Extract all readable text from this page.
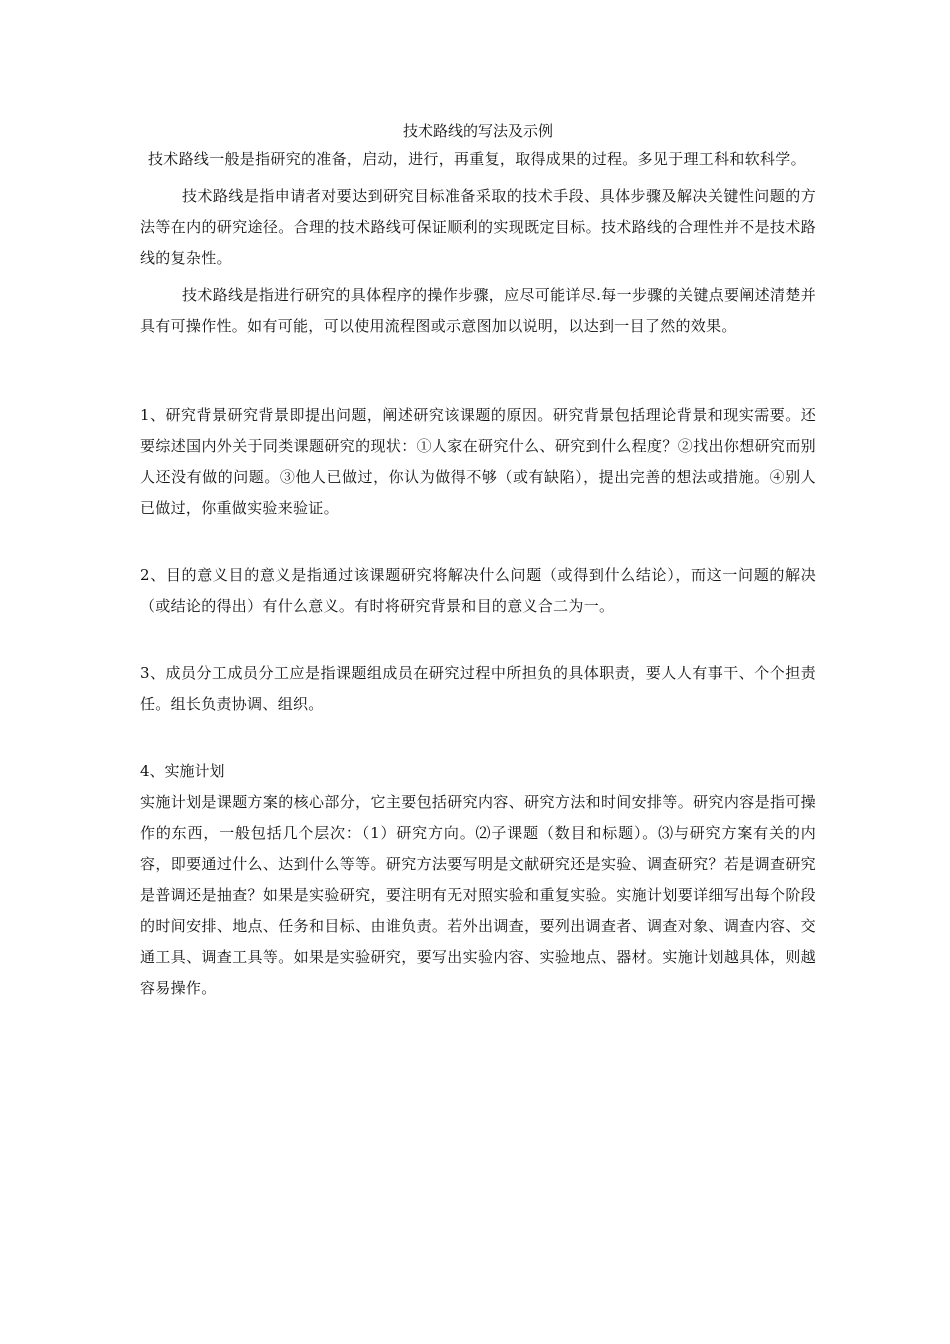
技术路线的写法及示例

技术路线一般是指研究的准备，启动，进行，再重复，取得成果的过程。多见于理工科和软科学。

技术路线是指申请者对要达到研究目标准备采取的技术手段、具体步骤及解决关键性问题的方法等在内的研究途径。合理的技术路线可保证顺利的实现既定目标。技术路线的合理性并不是技术路线的复杂性。

技术路线是指进行研究的具体程序的操作步骤，应尽可能详尽.每一步骤的关键点要阐述清楚并具有可操作性。如有可能，可以使用流程图或示意图加以说明，以达到一目了然的效果。

1、研究背景研究背景即提出问题，阐述研究该课题的原因。研究背景包括理论背景和现实需要。还要综述国内外关于同类课题研究的现状：①人家在研究什么、研究到什么程度？②找出你想研究而别人还没有做的问题。③他人已做过，你认为做得不够（或有缺陷），提出完善的想法或措施。④别人已做过，你重做实验来验证。

2、目的意义目的意义是指通过该课题研究将解决什么问题（或得到什么结论），而这一问题的解决（或结论的得出）有什么意义。有时将研究背景和目的意义合二为一。

3、成员分工成员分工应是指课题组成员在研究过程中所担负的具体职责，要人人有事干、个个担责任。组长负责协调、组织。

4、实施计划

实施计划是课题方案的核心部分，它主要包括研究内容、研究方法和时间安排等。研究内容是指可操作的东西，一般包括几个层次：（1）研究方向。⑵子课题（数目和标题）。⑶与研究方案有关的内容，即要通过什么、达到什么等等。研究方法要写明是文献研究还是实验、调查研究？若是调查研究是普调还是抽查？如果是实验研究，要注明有无对照实验和重复实验。实施计划要详细写出每个阶段的时间安排、地点、任务和目标、由谁负责。若外出调查，要列出调查者、调查对象、调查内容、交通工具、调查工具等。如果是实验研究，要写出实验内容、实验地点、器材。实施计划越具体，则越容易操作。
